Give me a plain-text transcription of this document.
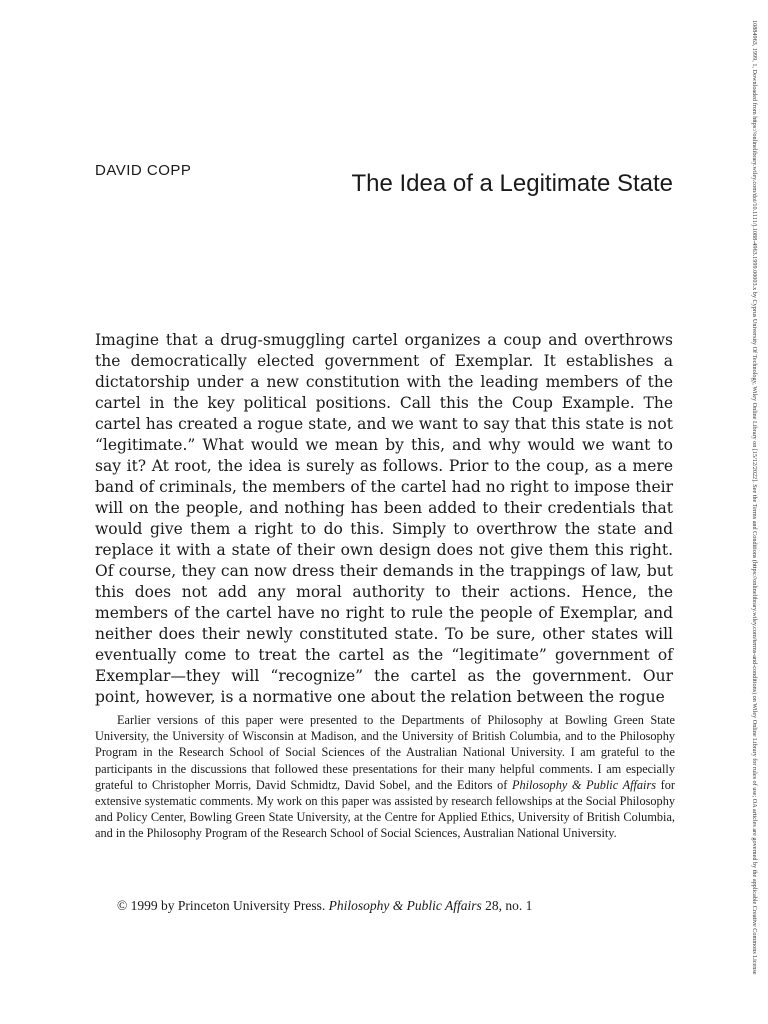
DAVID COPP	The Idea of a Legitimate State

Imagine that a drug-smuggling cartel organizes a coup and overthrows the democratically elected government of Exemplar. It establishes a dictatorship under a new constitution with the leading members of the cartel in the key political positions. Call this the Coup Example. The cartel has created a rogue state, and we want to say that this state is not “legitimate.” What would we mean by this, and why would we want to say it? At root, the idea is surely as follows. Prior to the coup, as a mere band of criminals, the members of the cartel had no right to impose their will on the people, and nothing has been added to their credentials that would give them a right to do this. Simply to overthrow the state and replace it with a state of their own design does not give them this right. Of course, they can now dress their demands in the trappings of law, but this does not add any moral authority to their actions. Hence, the members of the cartel have no right to rule the people of Exemplar, and neither does their newly constituted state. To be sure, other states will eventually come to treat the cartel as the “legitimate” government of Exemplar—they will “recognize” the cartel as the government. Our point, however, is a normative one about the relation between the rogue

Earlier versions of this paper were presented to the Departments of Philosophy at Bowling Green State University, the University of Wisconsin at Madison, and the University of British Columbia, and to the Philosophy Program in the Research School of Social Sciences of the Australian National University. I am grateful to the participants in the discussions that followed these presentations for their many helpful comments. I am especially grateful to Christopher Morris, David Schmidtz, David Sobel, and the Editors of Philosophy & Public Affairs for extensive systematic comments. My work on this paper was assisted by research fellowships at the Social Philosophy and Policy Center, Bowling Green State University, at the Centre for Applied Ethics, University of British Columbia, and in the Philosophy Program of the Research School of Social Sciences, Australian National University.

© 1999 by Princeton University Press. Philosophy & Public Affairs 28, no. 1	10884963, 1999, 1, Downloaded from https://onlinelibrary.wiley.com/doi/10.1111/j.1088-4963.1999.00003.x by Cyprus University Of Technology, Wiley Online Library on [15/12/2022]. See the Terms and Conditions (https://onlinelibrary.wiley.com/terms-and-conditions) on Wiley Online Library for rules of use; OA articles are governed by the applicable Creative Commons License
